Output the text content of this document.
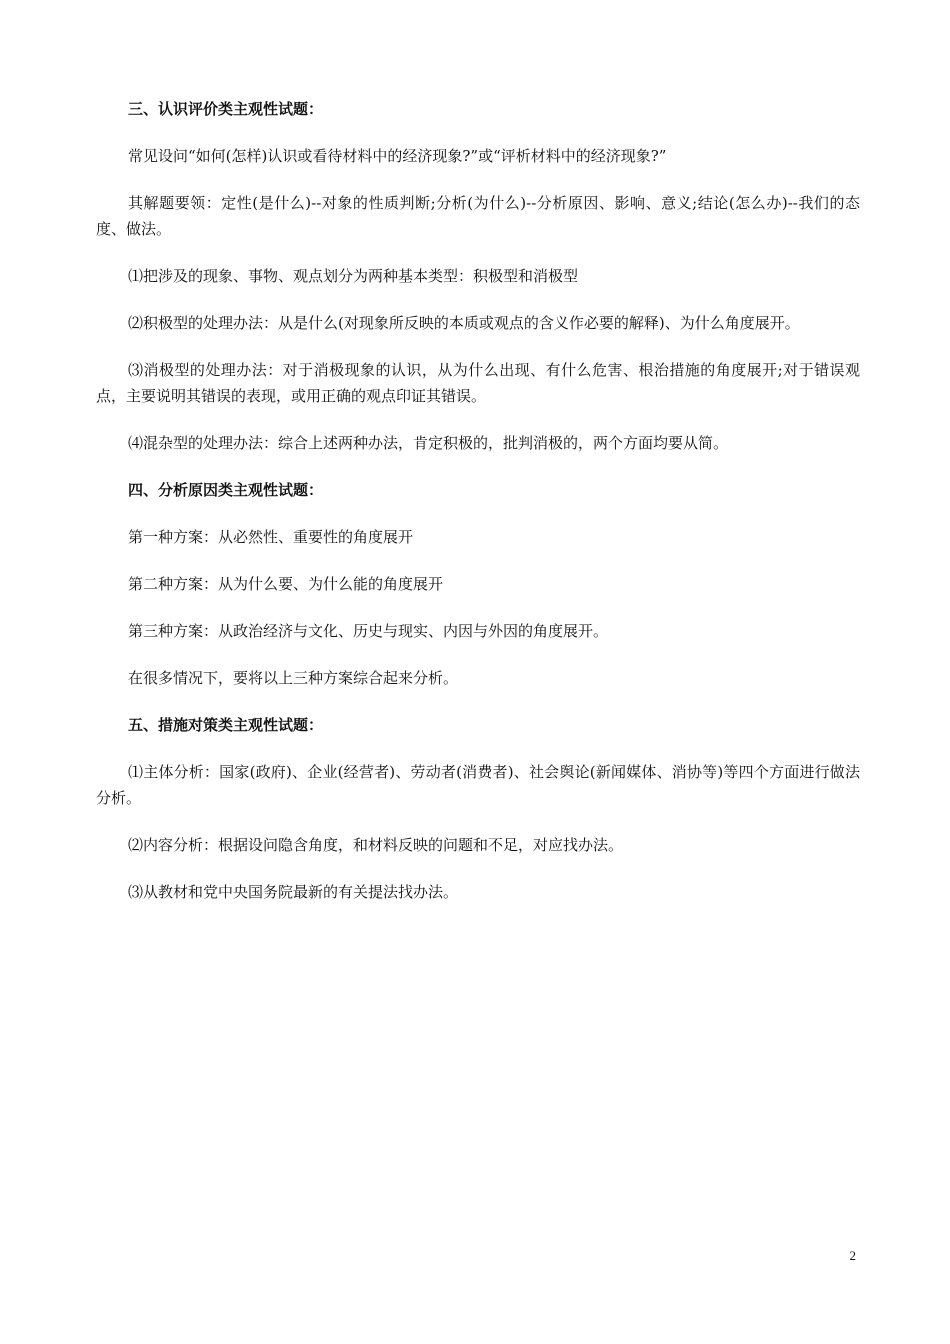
三、认识评价类主观性试题：

常见设问“如何(怎样)认识或看待材料中的经济现象?”或“评析材料中的经济现象?”

其解题要领：定性(是什么)--对象的性质判断;分析(为什么)--分析原因、影响、意义;结论(怎么办)--我们的态度、做法。

⑴把涉及的现象、事物、观点划分为两种基本类型：积极型和消极型

⑵积极型的处理办法：从是什么(对现象所反映的本质或观点的含义作必要的解释)、为什么角度展开。

⑶消极型的处理办法：对于消极现象的认识，从为什么出现、有什么危害、根治措施的角度展开;对于错误观点，主要说明其错误的表现，或用正确的观点印证其错误。

⑷混杂型的处理办法：综合上述两种办法，肯定积极的，批判消极的，两个方面均要从简。

四、分析原因类主观性试题：

第一种方案：从必然性、重要性的角度展开

第二种方案：从为什么要、为什么能的角度展开

第三种方案：从政治经济与文化、历史与现实、内因与外因的角度展开。

在很多情况下，要将以上三种方案综合起来分析。

五、措施对策类主观性试题：

⑴主体分析：国家(政府)、企业(经营者)、劳动者(消费者)、社会舆论(新闻媒体、消协等)等四个方面进行做法分析。

⑵内容分析：根据设问隐含角度，和材料反映的问题和不足，对应找办法。

⑶从教材和党中央国务院最新的有关提法找办法。

2
